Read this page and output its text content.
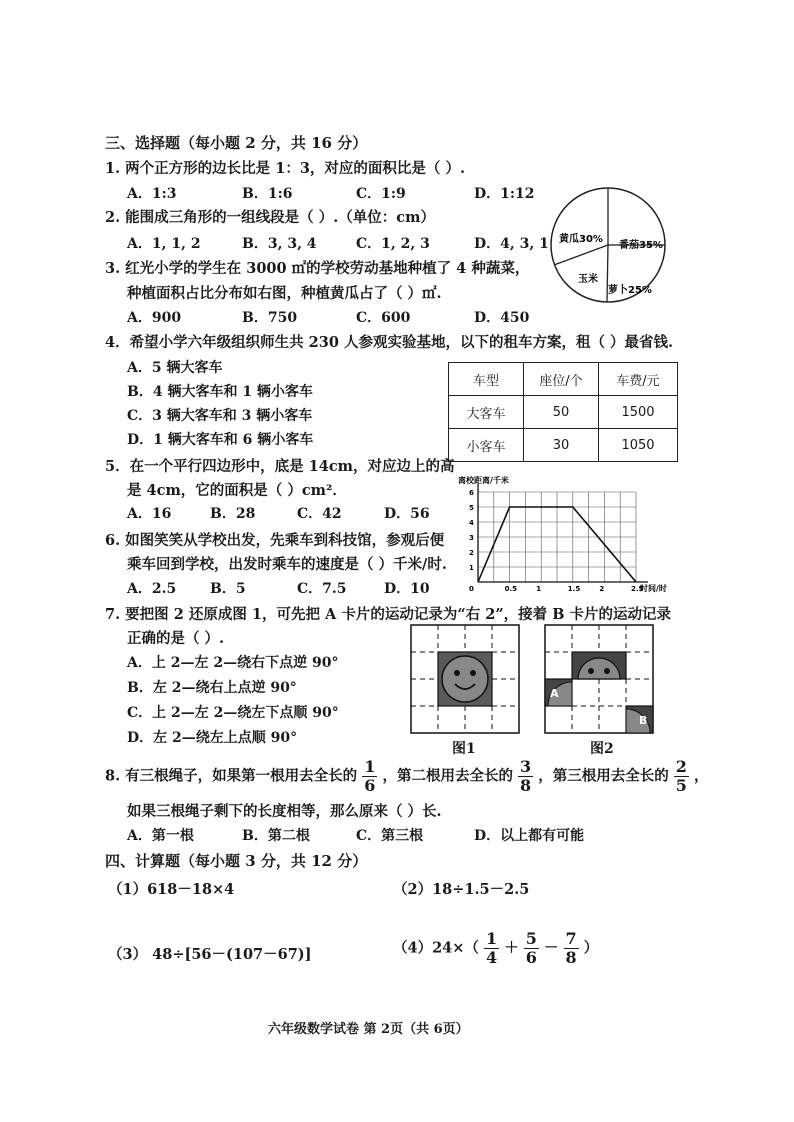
三、选择题（每小题 2 分，共 16 分）
1. 两个正方形的边长比是 1：3，对应的面积比是（ ）.
A．1:3	B．1:6	C．1:9	D．1:12
2. 能围成三角形的一组线段是（ ）.（单位：cm）
A．1, 1, 2	B．3, 3, 4	C．1, 2, 3	D．4, 3, 1
3. 红光小学的学生在 3000 ㎡的学校劳动基地种植了 4 种蔬菜，
种植面积占比分布如右图，种植黄瓜占了（ ）㎡.
A．900	B．750	C．600	D．450
黄瓜30%
番茄35%
玉米
萝卜25%
4．希望小学六年级组织师生共 230 人参观实验基地，以下的租车方案，租（ ）最省钱.
A．5 辆大客车
B．4 辆大客车和 1 辆小客车
C．3 辆大客车和 3 辆小客车
D．1 辆大客车和 6 辆小客车
车型	座位/个	车费/元
大客车	50	1500
小客车	30	1050
5．在一个平行四边形中，底是 14cm，对应边上的高
是 4cm，它的面积是（ ）cm²．
A．16	B．28	C．42	D．56
6. 如图笑笑从学校出发，先乘车到科技馆，参观后便
乘车回到学校，出发时乘车的速度是（ ）千米/时.
A．2.5 B．5	C．7.5	D．10	0	0.5	1	1.5	2	2.5
1
2
3
4
5
6
离校距离/千米
时间/时
7. 要把图 2 还原成图 1，可先把 A 卡片的运动记录为“右 2”，接着 B 卡片的运动记录
正确的是（ ）.
A．上 2—左 2—绕右下点逆 90°
B．左 2—绕右上点逆 90°
C．上 2—左 2—绕左下点顺 90°
D．左 2—绕左上点顺 90°
图1
A
B
图2
8. 有三根绳子，如果第一根用去全长的 $\frac{1}{6}$ ，第二根用去全长的 $\frac{3}{8}$ ，第三根用去全长的 $\frac{2}{5}$ ，
如果三根绳子剩下的长度相等，那么原来（ ）长.
A．第一根	B．第二根	C．第三根	D．以上都有可能
四、计算题（每小题 3 分，共 12 分）
（1）618－18×4	（2）18÷1.5－2.5
（3） 48÷[56－(107－67)]	$(4)24\times( \frac{1}{4} + \frac{5}{6} - \frac{7}{8}$ ）
六年级数学试卷 第 2页（共 6页）
